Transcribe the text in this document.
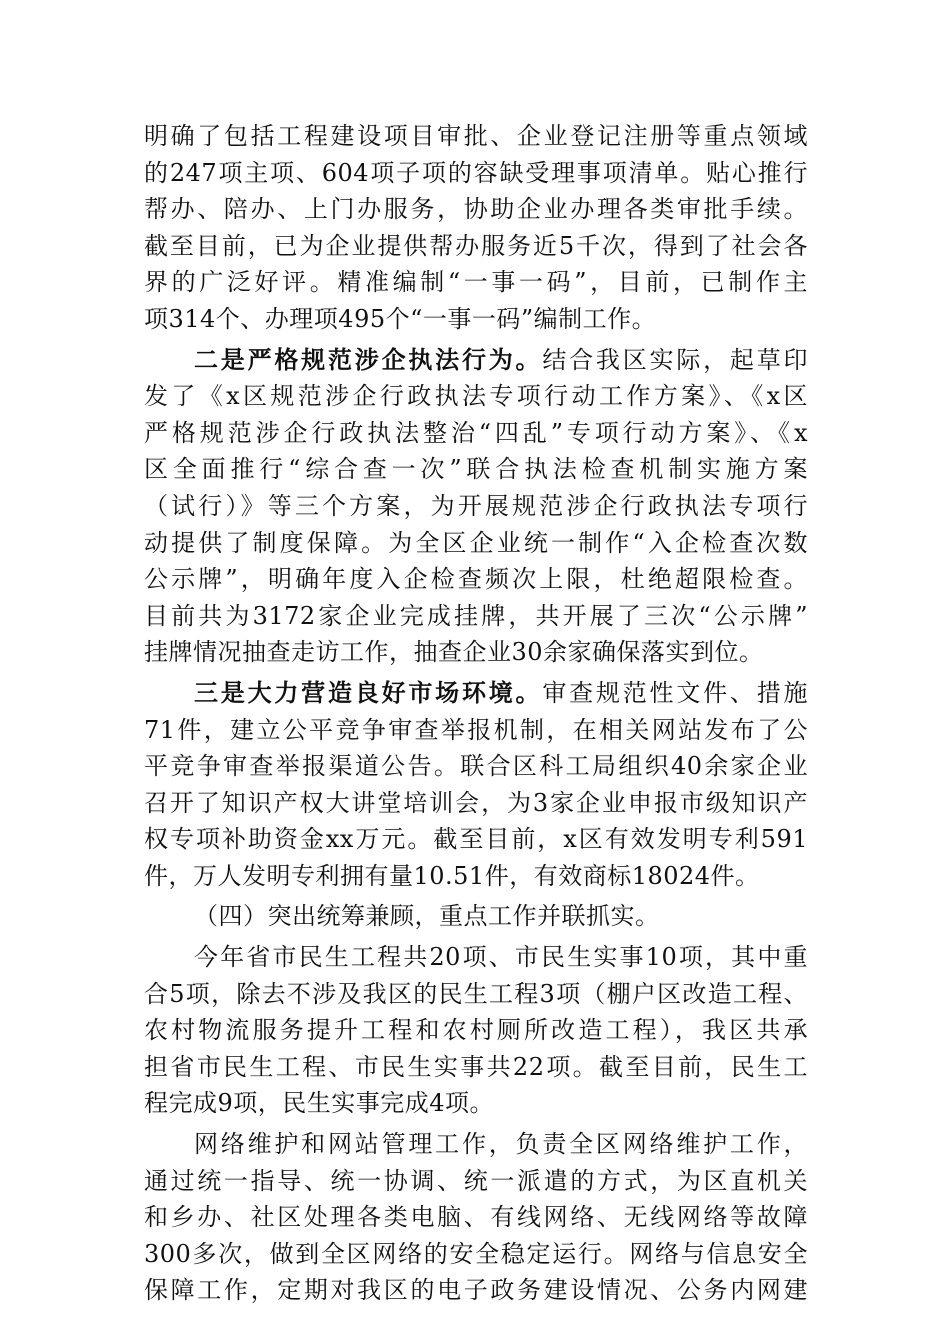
明确了包括工程建设项目审批、企业登记注册等重点领域
的247项主项、604项子项的容缺受理事项清单。贴心推行
帮办、陪办、上门办服务，协助企业办理各类审批手续。
截至目前，已为企业提供帮办服务近5千次，得到了社会各
界的广泛好评。精准编制“一事一码”，目前，已制作主
项314个、办理项495个“一事一码”编制工作。
二是严格规范涉企执法行为。结合我区实际，起草印
发了《x区规范涉企行政执法专项行动工作方案》、《x区
严格规范涉企行政执法整治“四乱”专项行动方案》、《x
区全面推行“综合查一次”联合执法检查机制实施方案
（试行）》等三个方案，为开展规范涉企行政执法专项行
动提供了制度保障。为全区企业统一制作“入企检查次数
公示牌”，明确年度入企检查频次上限，杜绝超限检查。
目前共为3172家企业完成挂牌，共开展了三次“公示牌”
挂牌情况抽查走访工作，抽查企业30余家确保落实到位。
三是大力营造良好市场环境。审查规范性文件、措施
71件，建立公平竞争审查举报机制，在相关网站发布了公
平竞争审查举报渠道公告。联合区科工局组织40余家企业
召开了知识产权大讲堂培训会，为3家企业申报市级知识产
权专项补助资金xx万元。截至目前，x区有效发明专利591
件，万人发明专利拥有量10.51件，有效商标18024件。
（四）突出统筹兼顾，重点工作并联抓实。
今年省市民生工程共20项、市民生实事10项，其中重
合5项，除去不涉及我区的民生工程3项（棚户区改造工程、
农村物流服务提升工程和农村厕所改造工程），我区共承
担省市民生工程、市民生实事共22项。截至目前，民生工
程完成9项，民生实事完成4项。
网络维护和网站管理工作，负责全区网络维护工作，
通过统一指导、统一协调、统一派遣的方式，为区直机关
和乡办、社区处理各类电脑、有线网络、无线网络等故障
300多次，做到全区网络的安全稳定运行。网络与信息安全
保障工作，定期对我区的电子政务建设情况、公务内网建
